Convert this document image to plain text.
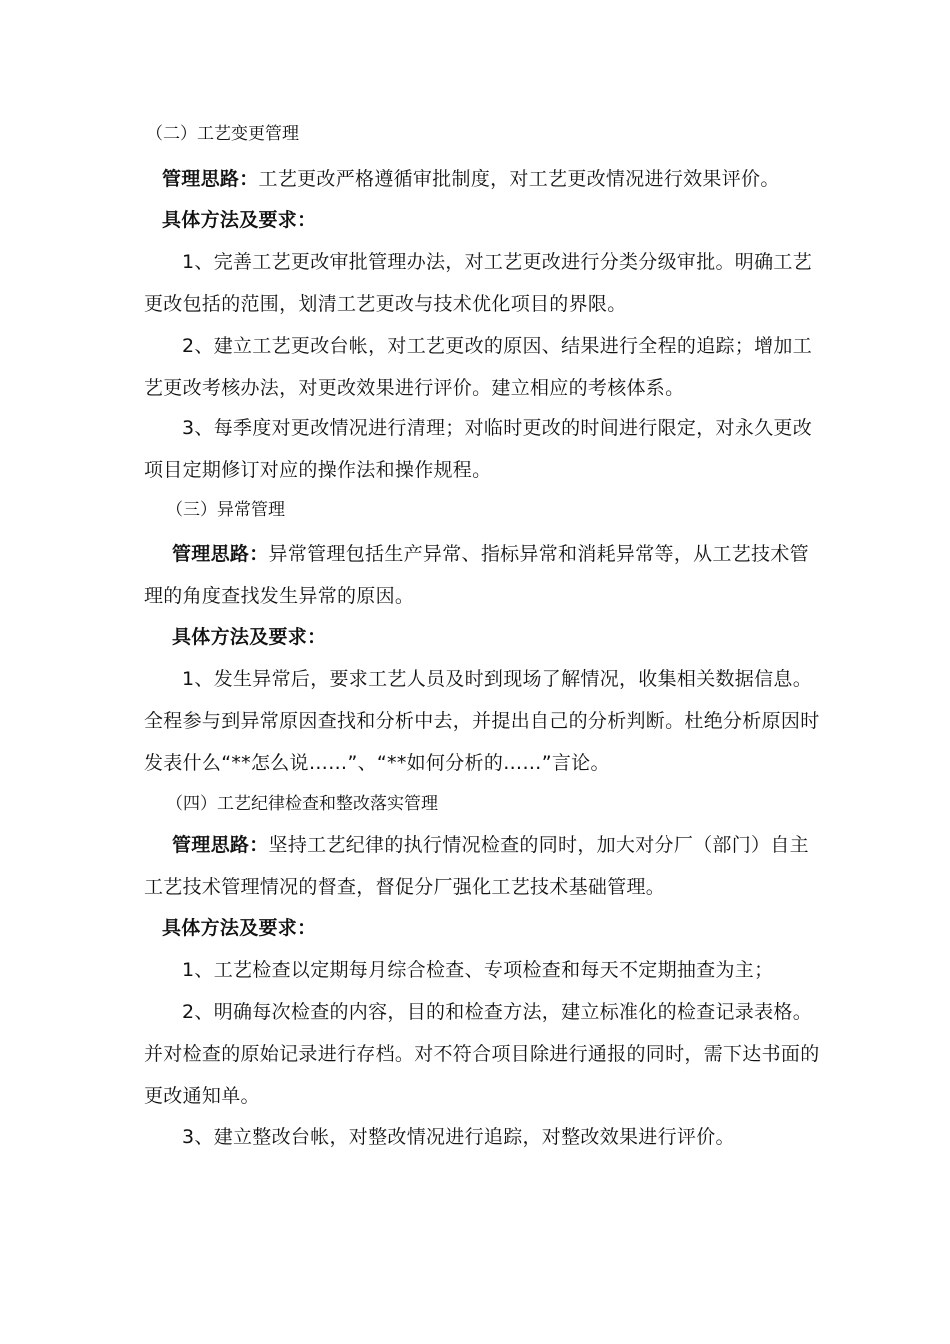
（二）工艺变更管理
管理思路：工艺更改严格遵循审批制度，对工艺更改情况进行效果评价。
具体方法及要求：
1、完善工艺更改审批管理办法，对工艺更改进行分类分级审批。明确工艺
更改包括的范围，划清工艺更改与技术优化项目的界限。
2、建立工艺更改台帐，对工艺更改的原因、结果进行全程的追踪；增加工
艺更改考核办法，对更改效果进行评价。建立相应的考核体系。
3、每季度对更改情况进行清理；对临时更改的时间进行限定，对永久更改
项目定期修订对应的操作法和操作规程。
（三）异常管理
管理思路：异常管理包括生产异常、指标异常和消耗异常等，从工艺技术管
理的角度查找发生异常的原因。
具体方法及要求：
1、发生异常后，要求工艺人员及时到现场了解情况，收集相关数据信息。
全程参与到异常原因查找和分析中去，并提出自己的分析判断。杜绝分析原因时
发表什么“**怎么说……”、“**如何分析的……”言论。
（四）工艺纪律检查和整改落实管理
管理思路：坚持工艺纪律的执行情况检查的同时，加大对分厂（部门）自主
工艺技术管理情况的督查，督促分厂强化工艺技术基础管理。
具体方法及要求：
1、工艺检查以定期每月综合检查、专项检查和每天不定期抽查为主；
2、明确每次检查的内容，目的和检查方法，建立标准化的检查记录表格。
并对检查的原始记录进行存档。对不符合项目除进行通报的同时，需下达书面的
更改通知单。
3、建立整改台帐，对整改情况进行追踪，对整改效果进行评价。
